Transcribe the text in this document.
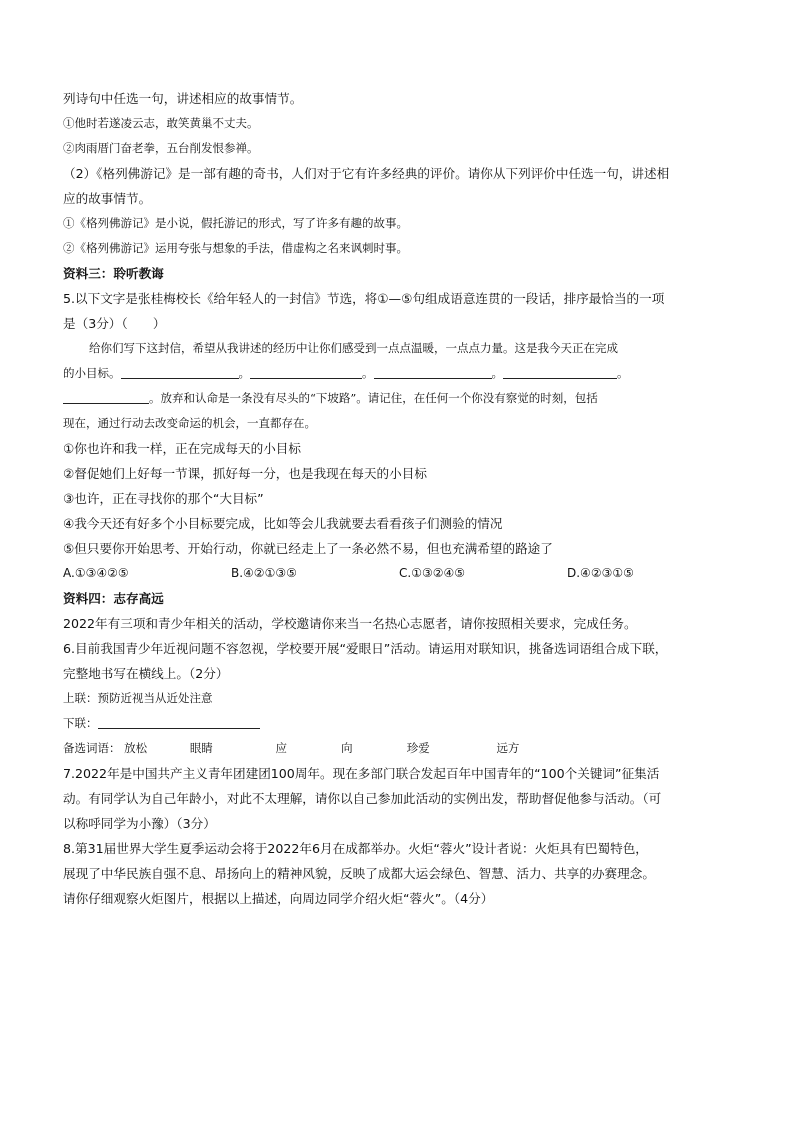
列诗句中任选一句，讲述相应的故事情节。
①他时若遂凌云志，敢笑黄巢不丈夫。
②肉雨厝门奋老拳，五台削发恨参禅。
（2）《格列佛游记》是一部有趣的奇书，人们对于它有许多经典的评价。请你从下列评价中任选一句，讲述相
应的故事情节。
①《格列佛游记》是小说，假托游记的形式，写了许多有趣的故事。
②《格列佛游记》运用夸张与想象的手法，借虚构之名来讽刺时事。
资料三：聆听教诲
5.以下文字是张桂梅校长《给年轻人的一封信》节选，将①—⑤句组成语意连贯的一段话，排序最恰当的一项
是（3分）（　　）
给你们写下这封信，希望从我讲述的经历中让你们感受到一点点温暖，一点点力量。这是我今天正在完成
的小目标。	。	。	。	。
。放弃和认命是一条没有尽头的“下坡路”。请记住，在任何一个你没有察觉的时刻，包括
现在，通过行动去改变命运的机会，一直都存在。
①你也许和我一样，正在完成每天的小目标
②督促她们上好每一节课，抓好每一分，也是我现在每天的小目标
③也许，正在寻找你的那个“大目标”
④我今天还有好多个小目标要完成，比如等会儿我就要去看看孩子们测验的情况
⑤但只要你开始思考、开始行动，你就已经走上了一条必然不易，但也充满希望的路途了
A.①③④②⑤	B.④②①③⑤	C.①③②④⑤	D.④②③①⑤
资料四：志存高远
2022年有三项和青少年相关的活动，学校邀请你来当一名热心志愿者，请你按照相关要求，完成任务。
6.目前我国青少年近视问题不容忽视，学校要开展“爱眼日”活动。请运用对联知识，挑备选词语组合成下联，
完整地书写在横线上。（2分）
上联：预防近视当从近处注意
下联：
备选词语： 放松	眼睛	应	向	珍爱	远方
7.2022年是中国共产主义青年团建团100周年。现在多部门联合发起百年中国青年的“100个关键词”征集活
动。有同学认为自己年龄小，对此不太理解，请你以自己参加此活动的实例出发，帮助督促他参与活动。（可
以称呼同学为小豫）（3分）
8.第31届世界大学生夏季运动会将于2022年6月在成都举办。火炬“蓉火”设计者说：火炬具有巴蜀特色，
展现了中华民族自强不息、昂扬向上的精神风貌，反映了成都大运会绿色、智慧、活力、共享的办赛理念。
请你仔细观察火炬图片，根据以上描述，向周边同学介绍火炬“蓉火”。（4分）
